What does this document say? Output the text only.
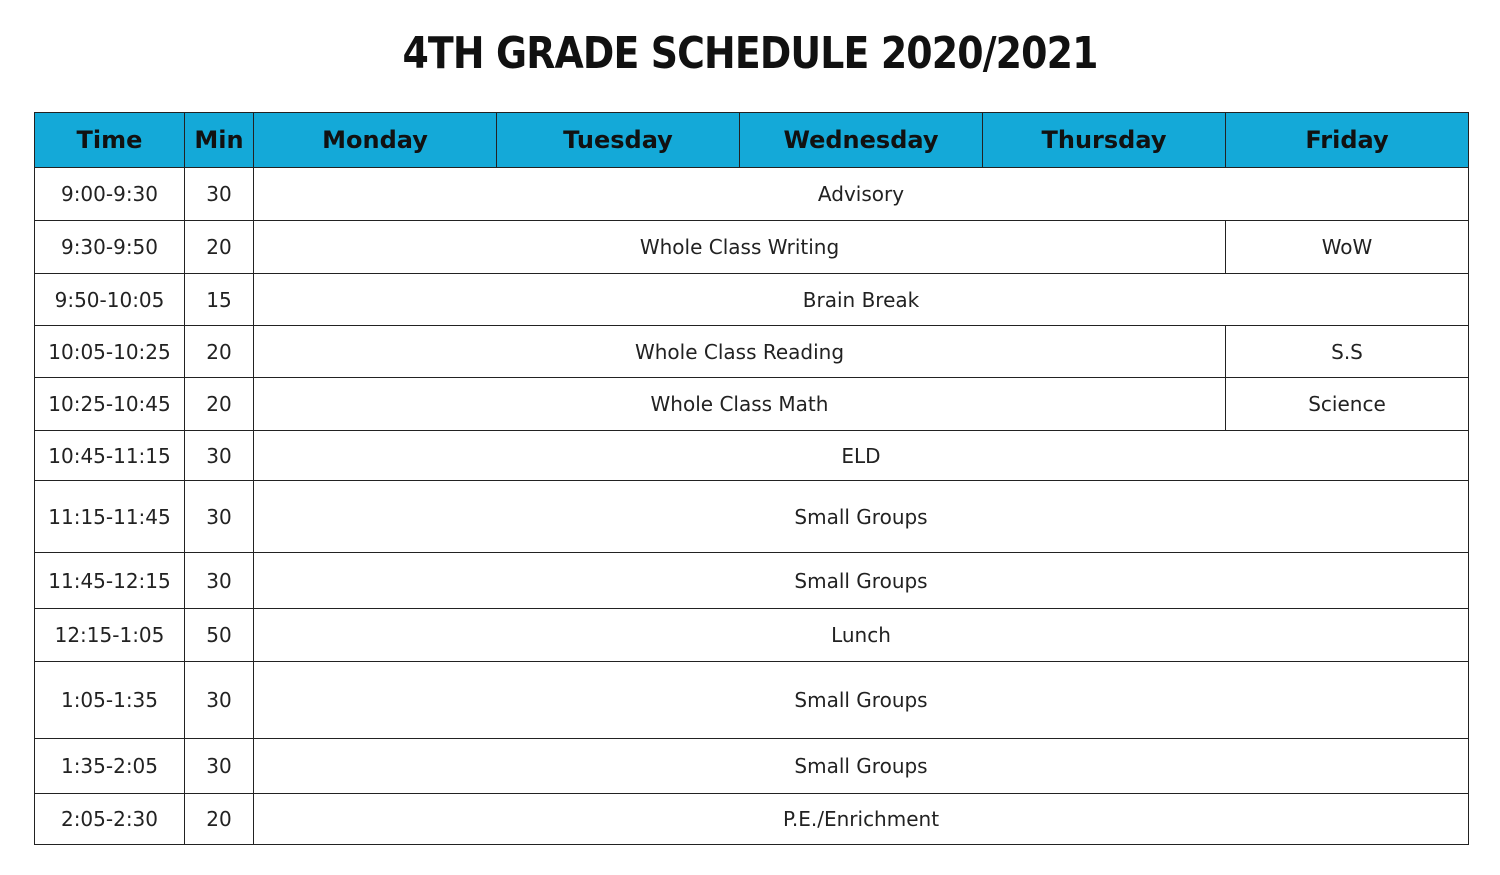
4TH GRADE SCHEDULE 2020/2021
Time	Min	Monday	Tuesday	Wednesday	Thursday	Friday
9:00-9:30	30	Advisory				
9:30-9:50	20	Whole Class Writing				WoW
9:50-10:05	15	Brain Break				
10:05-10:25	20	Whole Class Reading				S.S
10:25-10:45	20	Whole Class Math				Science
10:45-11:15	30	ELD				
11:15-11:45	30	Small Groups				
11:45-12:15	30	Small Groups				
12:15-1:05	50	Lunch				
1:05-1:35	30	Small Groups				
1:35-2:05	30	Small Groups				
2:05-2:30	20	P.E./Enrichment				
